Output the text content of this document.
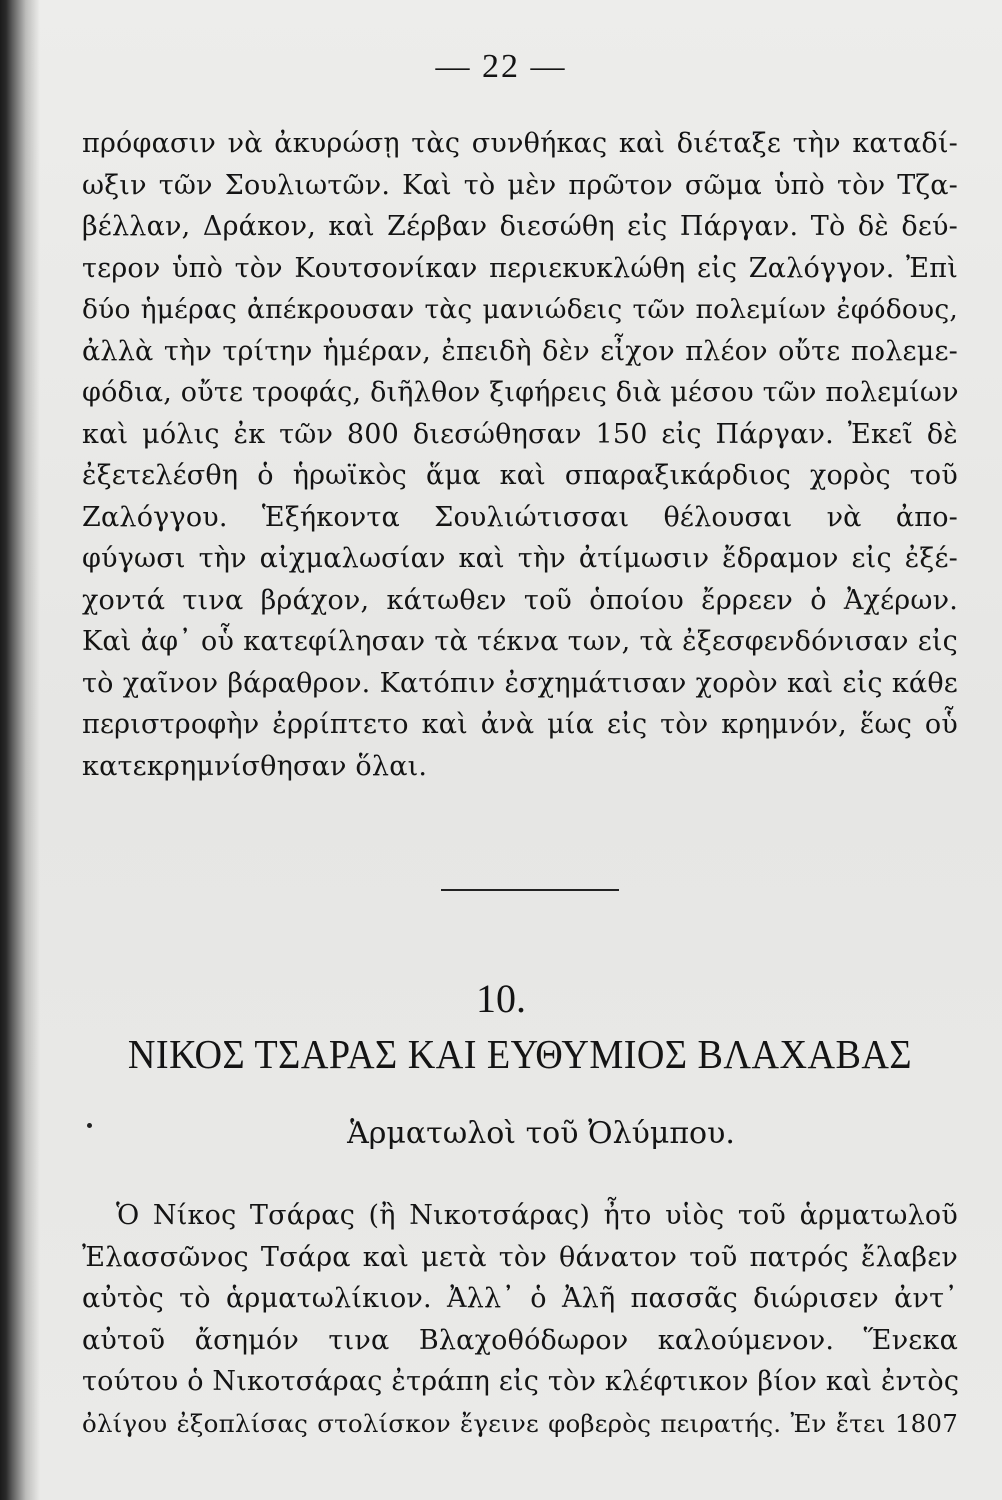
— 22 —
πρόφασιν νὰ ἀκυρώσῃ τὰς συνθήκας καὶ διέταξε τὴν καταδί-
ωξιν τῶν Σουλιωτῶν. Καὶ τὸ μὲν πρῶτον σῶμα ὑπὸ τὸν Τζα-
βέλλαν, Δράκον, καὶ Ζέρβαν διεσώθη εἰς Πάργαν. Τὸ δὲ δεύ-
τερον ὑπὸ τὸν Κουτσονίκαν περιεκυκλώθη εἰς Ζαλόγγον. Ἐπὶ
δύο ἡμέρας ἀπέκρουσαν τὰς μανιώδεις τῶν πολεμίων ἐφόδους,
ἀλλὰ τὴν τρίτην ἡμέραν, ἐπειδὴ δὲν εἶχον πλέον οὔτε πολεμε-
φόδια, οὔτε τροφάς, διῆλθον ξιφήρεις διὰ μέσου τῶν πολεμίων
καὶ μόλις ἐκ τῶν 800 διεσώθησαν 150 εἰς Πάργαν. Ἐκεῖ δὲ
ἐξετελέσθη ὁ ἡρωϊκὸς ἅμα καὶ σπαραξικάρδιος χορὸς τοῦ
Ζαλόγγου. Ἑξήκοντα Σουλιώτισσαι θέλουσαι νὰ ἀπο-
φύγωσι τὴν αἰχμαλωσίαν καὶ τὴν ἀτίμωσιν ἔδραμον εἰς ἐξέ-
χοντά τινα βράχον, κάτωθεν τοῦ ὁποίου ἔρρεεν ὁ Ἀχέρων.
Καὶ ἀφ᾽ οὗ κατεφίλησαν τὰ τέκνα των, τὰ ἐξεσφενδόνισαν εἰς
τὸ χαῖνον βάραθρον. Κατόπιν ἐσχημάτισαν χορὸν καὶ εἰς κάθε
περιστροφὴν ἐρρίπτετο καὶ ἀνὰ μία εἰς τὸν κρημνόν, ἕως οὗ
κατεκρημνίσθησαν ὅλαι.
10.
ΝΙΚΟΣ ΤΣΑΡΑΣ ΚΑΙ ΕΥΘΥΜΙΟΣ ΒΛΑΧΑΒΑΣ
Ἁρματωλοὶ τοῦ Ὀλύμπου.
Ὁ Νίκος Τσάρας (ἢ Νικοτσάρας) ἦτο υἱὸς τοῦ ἁρματωλοῦ
Ἐλασσῶνος Τσάρα καὶ μετὰ τὸν θάνατον τοῦ πατρός ἔλαβεν
αὐτὸς τὸ ἁρματωλίκιον. Ἀλλ᾽ ὁ Ἀλῆ πασσᾶς διώρισεν ἀντ᾽
αὐτοῦ ἄσημόν τινα Βλαχοθόδωρον καλούμενον. Ἕνεκα
τούτου ὁ Νικοτσάρας ἐτράπη εἰς τὸν κλέφτικον βίον καὶ ἐντὸς
ὀλίγου ἐξοπλίσας στολίσκον ἔγεινε φοβερὸς πειρατής. Ἐν ἔτει 1807
